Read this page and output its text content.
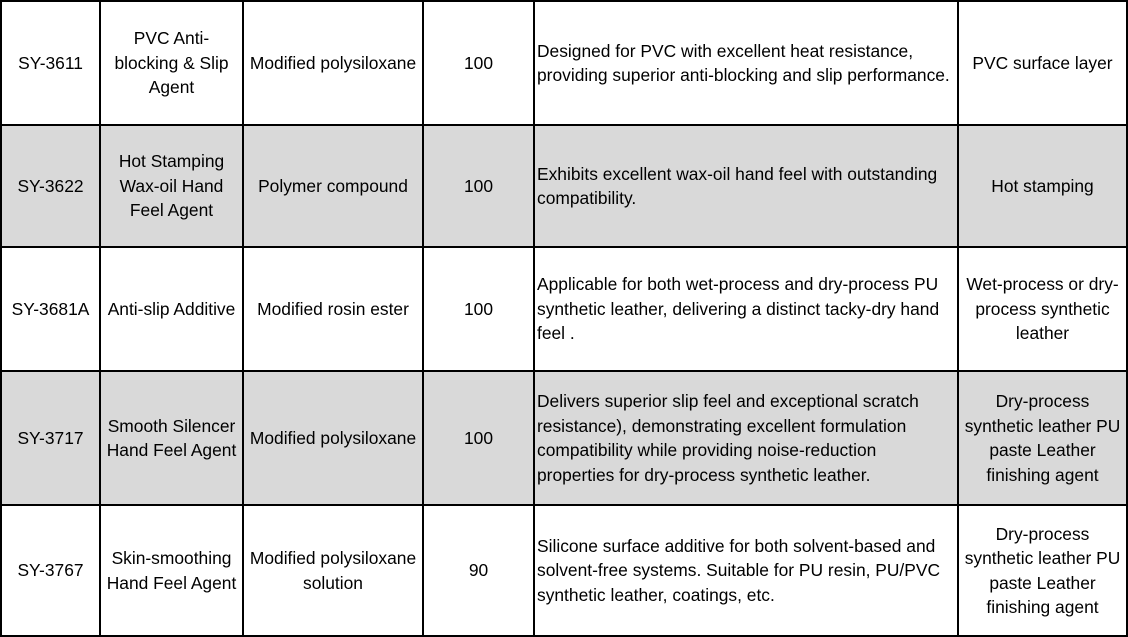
SY-3611	PVC Anti-blocking & Slip Agent	Modified polysiloxane	100	Designed for PVC with excellent heat resistance, providing superior anti-blocking and slip performance.	PVC surface layer
SY-3622	Hot Stamping Wax-oil Hand Feel Agent	Polymer compound	100	Exhibits excellent wax-oil hand feel with outstanding compatibility.	Hot stamping
SY-3681A	Anti-slip Additive	Modified rosin ester	100	Applicable for both wet-process and dry-process PU synthetic leather, delivering a distinct tacky-dry hand feel .	Wet-process or dry-process synthetic leather
SY-3717	Smooth Silencer Hand Feel Agent	Modified polysiloxane	100	Delivers superior slip feel and exceptional scratch resistance), demonstrating excellent formulation compatibility while providing noise-reduction properties for dry-process synthetic leather.	Dry-process synthetic leather PU paste Leather finishing agent
SY-3767	Skin-smoothing Hand Feel Agent	Modified polysiloxane solution	90	Silicone surface additive for both solvent-based and solvent-free systems. Suitable for PU resin, PU/PVC synthetic leather, coatings, etc.	Dry-process synthetic leather PU paste Leather finishing agent
